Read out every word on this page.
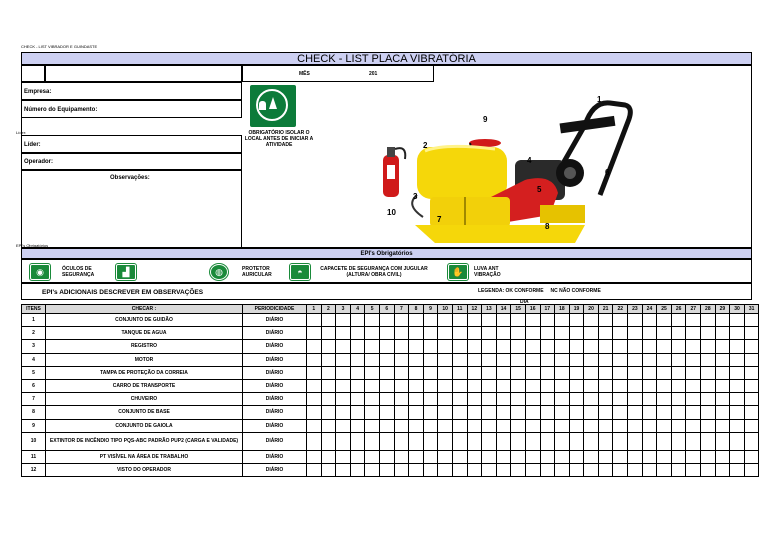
CHECK - LIST VIBRADOR E GUINDASTE
CHECK - LIST PLACA VIBRATÓRIA
MÊS	201
Empresa:
Número do Equipamento:
Líder:
Líder:
Operador:
Observações:
OBRIGATÓRIO ISOLAR O LOCAL ANTES DE INICIAR A ATIVIDADE
1
2
3
4
5
6
7
8
9
10
EPI's Obrigatórios
EPI's Obrigatórios
◉	ÓCULOS DE SEGURANÇA	▟	◍	PROTETOR AURICULAR	◓	CAPACETE DE SEGURANÇA COM JUGULAR (ALTURA/ OBRA CIVIL)	✋	LUVA ANT VIBRAÇÃO
EPI's ADICIONAIS DESCREVER EM OBSERVAÇÕES	LEGENDA: OK CONFORME     NC NÃO CONFORME
DIA
ITENS	CHECAR :	PERIODICIDADE	1	2	3	4	5	6	7	8	9	10	11	12	13	14	15	16	17	18	19	20	21	22	23	24	25	26	27	28	29	30	31
1	CONJUNTO DE GUIDÃO	DIÁRIO																															
2	TANQUE DE AGUA	DIÁRIO																															
3	REGISTRO	DIÁRIO																															
4	MOTOR	DIÁRIO																															
5	TAMPA DE PROTEÇÃO DA CORREIA	DIÁRIO																															
6	CARRO DE TRANSPORTE	DIÁRIO																															
7	CHUVEIRO	DIÁRIO																															
8	CONJUNTO DE BASE	DIÁRIO																															
9	CONJUNTO DE GAIOLA	DIÁRIO																															
10	EXTINTOR DE INCÊNDIO TIPO PQS-ABC PADRÃO PUP2 (CARGA E VALIDADE)	DIÁRIO																															
11	PT VISÍVEL NA ÁREA DE TRABALHO	DIÁRIO																															
12	VISTO DO OPERADOR	DIÁRIO																															
